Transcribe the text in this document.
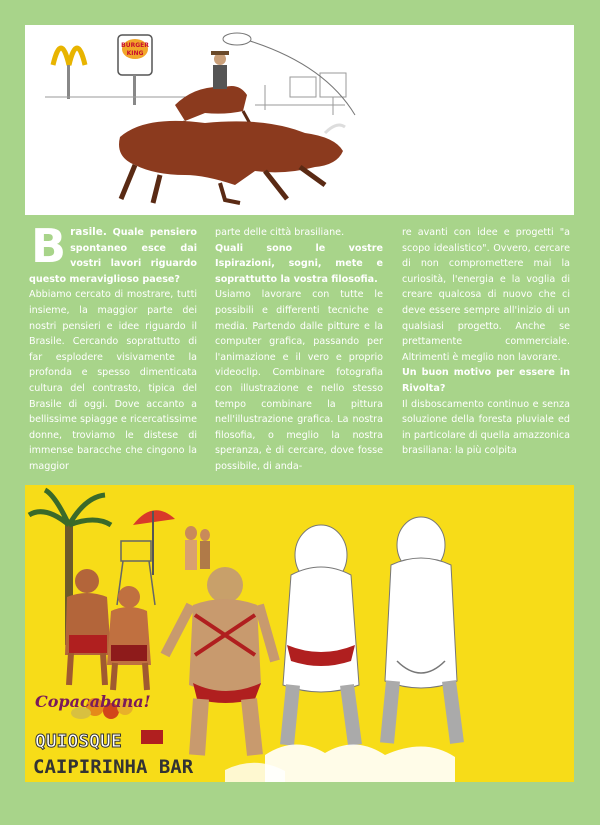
BURGER
KING

Brasile. Quale pensiero spontaneo esce dai vostri lavori riguardo questo meraviglioso paese?

Abbiamo cercato di mostrare, tutti insieme, la maggior parte dei nostri pensieri e idee riguardo il Brasile. Cercando soprattutto di far esplodere visivamente la profonda e spesso dimenticata cultura del contrasto, tipica del Brasile di oggi. Dove accanto a bellissime spiagge e ricercatissime donne, troviamo le distese di immense baracche che cingono la maggior

parte delle città brasiliane.

Quali sono le vostre Ispirazioni, sogni, mete e soprattutto la vostra filosofia.

Usiamo lavorare con tutte le possibili e differenti tecniche e media. Partendo dalle pitture e la computer grafica, passando per l'animazione e il vero e proprio videoclip. Combinare fotografia con illustrazione e nello stesso tempo combinare la pittura nell'illustrazione grafica. La nostra filosofia, o meglio la nostra speranza, è di cercare, dove fosse possibile, di anda-

re avanti con idee e progetti "a scopo idealistico". Ovvero, cercare di non compromettere mai la curiosità, l'energia e la voglia di creare qualcosa di nuovo che ci deve essere sempre all'inizio di un qualsiasi progetto. Anche se prettamente commerciale. Altrimenti è meglio non lavorare.

Un buon motivo per essere in Rivolta?

Il disboscamento continuo e senza soluzione della foresta pluviale ed in particolare di quella amazzonica brasiliana: la più colpita

Copacabana!
QUIOSQUE
CAIPIRINHA BAR
